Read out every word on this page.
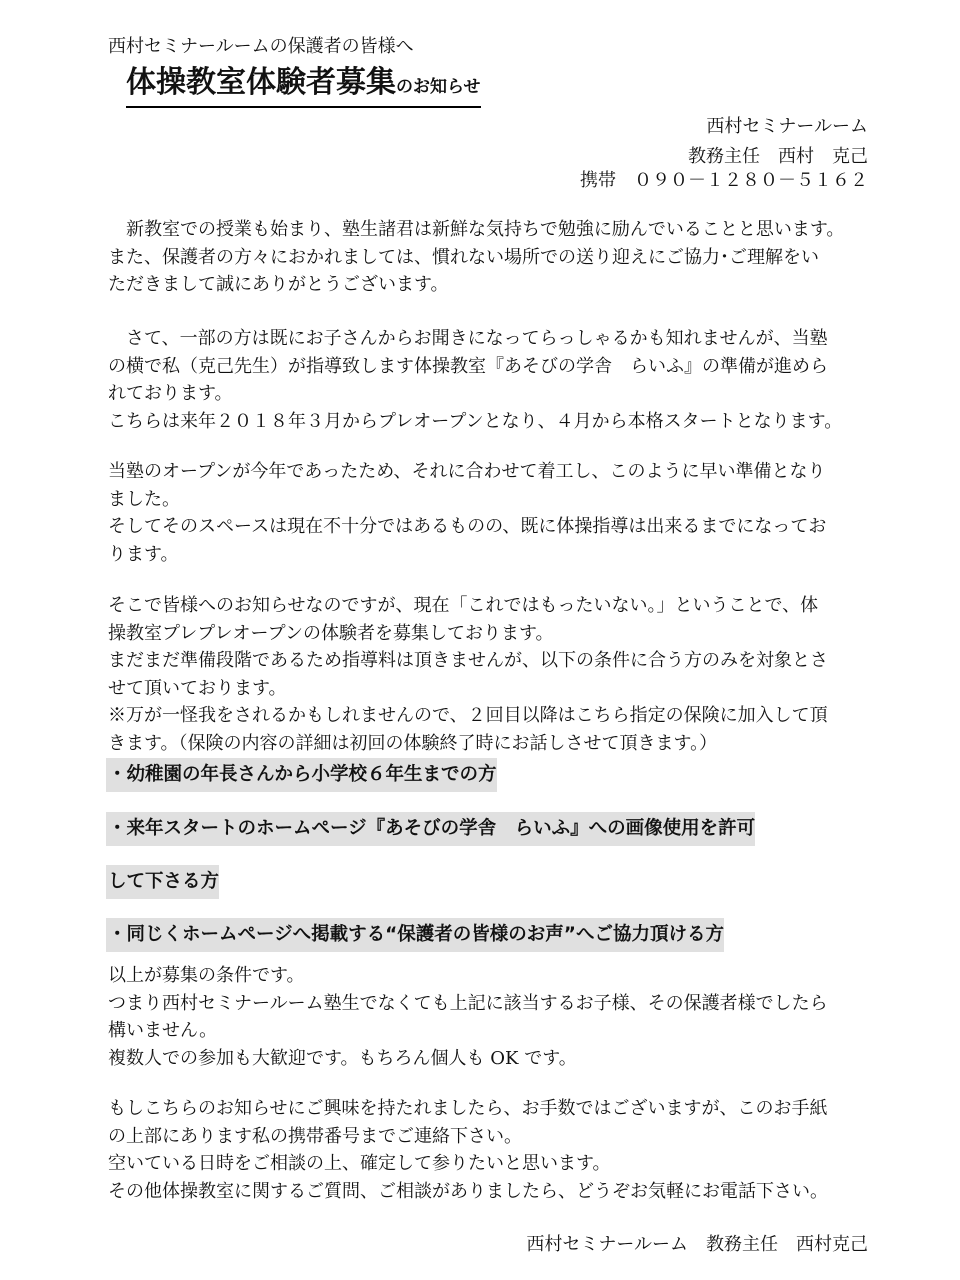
西村セミナールームの保護者の皆様へ
体操教室体験者募集のお知らせ
西村セミナールーム
教務主任　西村　克己
携帯　０９０－１２８０－５１６２
新教室での授業も始まり、塾生諸君は新鮮な気持ちで勉強に励んでいることと思います。
また、保護者の方々におかれましては、慣れない場所での送り迎えにご協力･ご理解をい
ただきまして誠にありがとうございます。
さて、一部の方は既にお子さんからお聞きになってらっしゃるかも知れませんが、当塾
の横で私（克己先生）が指導致します体操教室『あそびの学舎　らいふ』の準備が進めら
れております。
こちらは来年２０１８年３月からプレオープンとなり、４月から本格スタートとなります。
当塾のオープンが今年であったため、それに合わせて着工し、このように早い準備となり
ました。
そしてそのスペースは現在不十分ではあるものの、既に体操指導は出来るまでになってお
ります。
そこで皆様へのお知らせなのですが、現在「これではもったいない。」ということで、体
操教室プレプレオープンの体験者を募集しております。
まだまだ準備段階であるため指導料は頂きませんが、以下の条件に合う方のみを対象とさ
せて頂いております。
※万が一怪我をされるかもしれませんので、２回目以降はこちら指定の保険に加入して頂
きます。（保険の内容の詳細は初回の体験終了時にお話しさせて頂きます。）
・幼稚園の年長さんから小学校６年生までの方
・来年スタートのホームページ『あそびの学舎　らいふ』への画像使用を許可
して下さる方
・同じくホームページへ掲載する“保護者の皆様のお声”へご協力頂ける方
以上が募集の条件です。
つまり西村セミナールーム塾生でなくても上記に該当するお子様、その保護者様でしたら
構いません。
複数人での参加も大歓迎です。もちろん個人も OK です。
もしこちらのお知らせにご興味を持たれましたら、お手数ではございますが、このお手紙
の上部にあります私の携帯番号までご連絡下さい。
空いている日時をご相談の上、確定して参りたいと思います。
その他体操教室に関するご質問、ご相談がありましたら、どうぞお気軽にお電話下さい。
西村セミナールーム　教務主任　西村克己
